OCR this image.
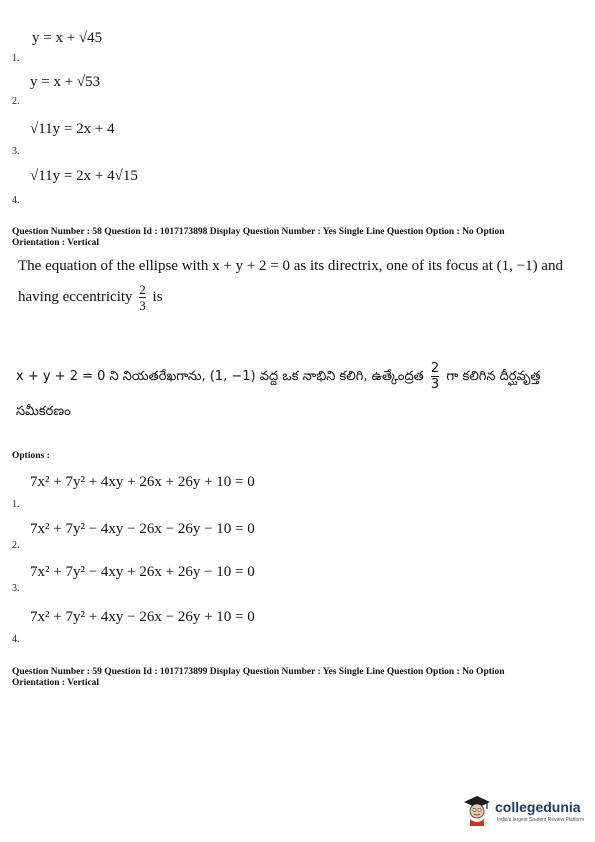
y = x + √45
1.
y = x + √53
2.
√11y = 2x + 4
3.
√11y = 2x + 4√15
4.
Question Number : 58 Question Id : 1017173898 Display Question Number : Yes Single Line Question Option : No Option
Orientation : Vertical
The equation of the ellipse with x + y + 2 = 0 as its directrix, one of its focus at (1, −1) and
having eccentricity $\frac{2}{3}$ is
x + y + 2 = 0 ని నియతరేఖగాను, (1, −1) వద్ద ఒక నాభిని కలిగి, ఉత్కేంద్రత $\frac{2}{3}$ గా కలిగిన దీర్ఘవృత్త
సమీకరణం
Options :
7x² + 7y² + 4xy + 26x + 26y + 10 = 0
1.
7x² + 7y² − 4xy − 26x − 26y − 10 = 0
2.
7x² + 7y² − 4xy + 26x + 26y − 10 = 0
3.
7x² + 7y² + 4xy − 26x − 26y + 10 = 0
4.
Question Number : 59 Question Id : 1017173899 Display Question Number : Yes Single Line Question Option : No Option
Orientation : Vertical
collegedunia
India's largest Student Review Platform
